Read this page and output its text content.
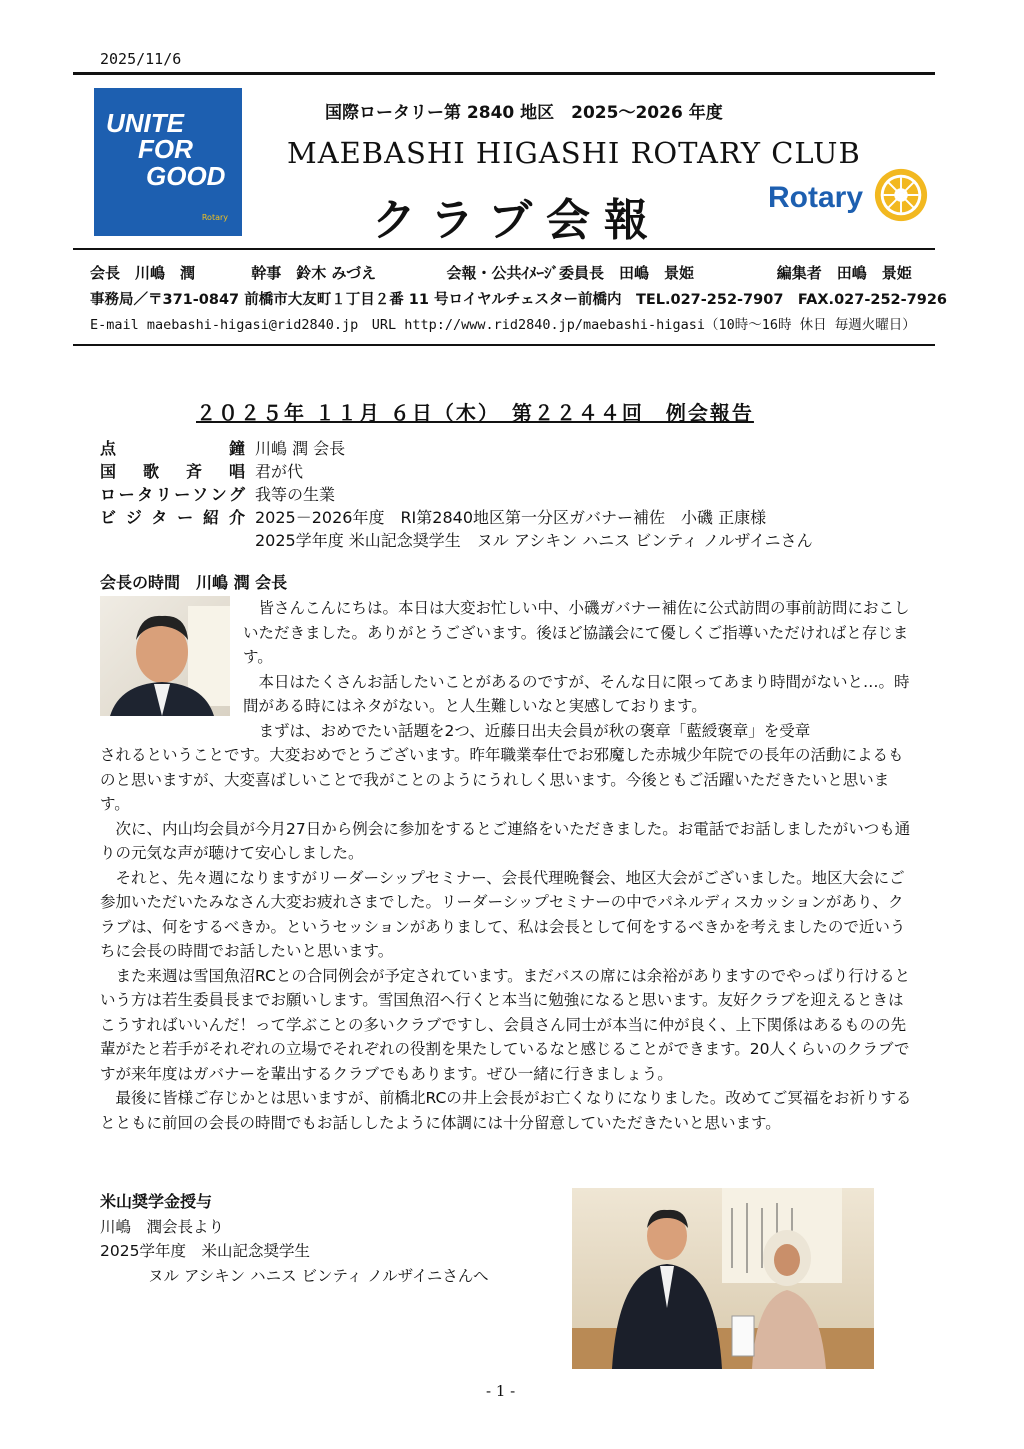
2025/11/6
UNITE
FOR
GOOD
Rotary
国際ロータリー第 2840 地区　2025～2026 年度
MAEBASHI HIGASHI ROTARY CLUB
クラブ会報	Rotary
会長　川嶋　潤	幹事　鈴木 みづえ	会報・公共ｲﾒｰｼﾞ委員長　田嶋　景姫	編集者　田嶋　景姫
事務局／〒371-0847 前橋市大友町１丁目２番 11 号ロイヤルチェスター前橋内　TEL.027-252-7907　FAX.027-252-7926
E-mail maebashi-higasi@rid2840.jp　URL http://www.rid2840.jp/maebashi-higasi（10時～16時 休日 毎週火曜日）
２０２５年 １１月 ６日（木）　第２２４４回　例会報告
点鐘 川嶋 潤 会長
国歌斉唱 君が代
ロータリーソング 我等の生業
ビジター紹介 2025－2026年度　RI第2840地区第一分区ガバナー補佐　小磯 正康様
2025学年度 米山記念奨学生　ヌル アシキン ハニス ビンティ ノルザイニさん
会長の時間　川嶋 潤 会長

皆さんこんにちは。本日は大変お忙しい中、小磯ガバナー補佐に公式訪問の事前訪問におこしいただきました。ありがとうございます。後ほど協議会にて優しくご指導いただければと存じます。

本日はたくさんお話したいことがあるのですが、そんな日に限ってあまり時間がないと…。時間がある時にはネタがない。と人生難しいなと実感しております。

まずは、おめでたい話題を2つ、近藤日出夫会員が秋の褒章「藍綬褒章」を受章

されるということです。大変おめでとうございます。昨年職業奉仕でお邪魔した赤城少年院での長年の活動によるものと思いますが、大変喜ばしいことで我がことのようにうれしく思います。今後ともご活躍いただきたいと思います。

次に、内山均会員が今月27日から例会に参加をするとご連絡をいただきました。お電話でお話しましたがいつも通りの元気な声が聴けて安心しました。

それと、先々週になりますがリーダーシップセミナー、会長代理晩餐会、地区大会がございました。地区大会にご参加いただいたみなさん大変お疲れさまでした。リーダーシップセミナーの中でパネルディスカッションがあり、クラブは、何をするべきか。というセッションがありまして、私は会長として何をするべきかを考えましたので近いうちに会長の時間でお話したいと思います。

また来週は雪国魚沼RCとの合同例会が予定されています。まだバスの席には余裕がありますのでやっぱり行けるという方は若生委員長までお願いします。雪国魚沼へ行くと本当に勉強になると思います。友好クラブを迎えるときはこうすればいいんだ！って学ぶことの多いクラブですし、会員さん同士が本当に仲が良く、上下関係はあるものの先輩がたと若手がそれぞれの立場でそれぞれの役割を果たしているなと感じることができます。20人くらいのクラブですが来年度はガバナーを輩出するクラブでもあります。ぜひ一緒に行きましょう。

最後に皆様ご存じかとは思いますが、前橋北RCの井上会長がお亡くなりになりました。改めてご冥福をお祈りするとともに前回の会長の時間でもお話ししたように体調には十分留意していただきたいと思います。

米山奨学金授与
川嶋　潤会長より
2025学年度　米山記念奨学生
ヌル アシキン ハニス ビンティ ノルザイニさんへ
- 1 -
